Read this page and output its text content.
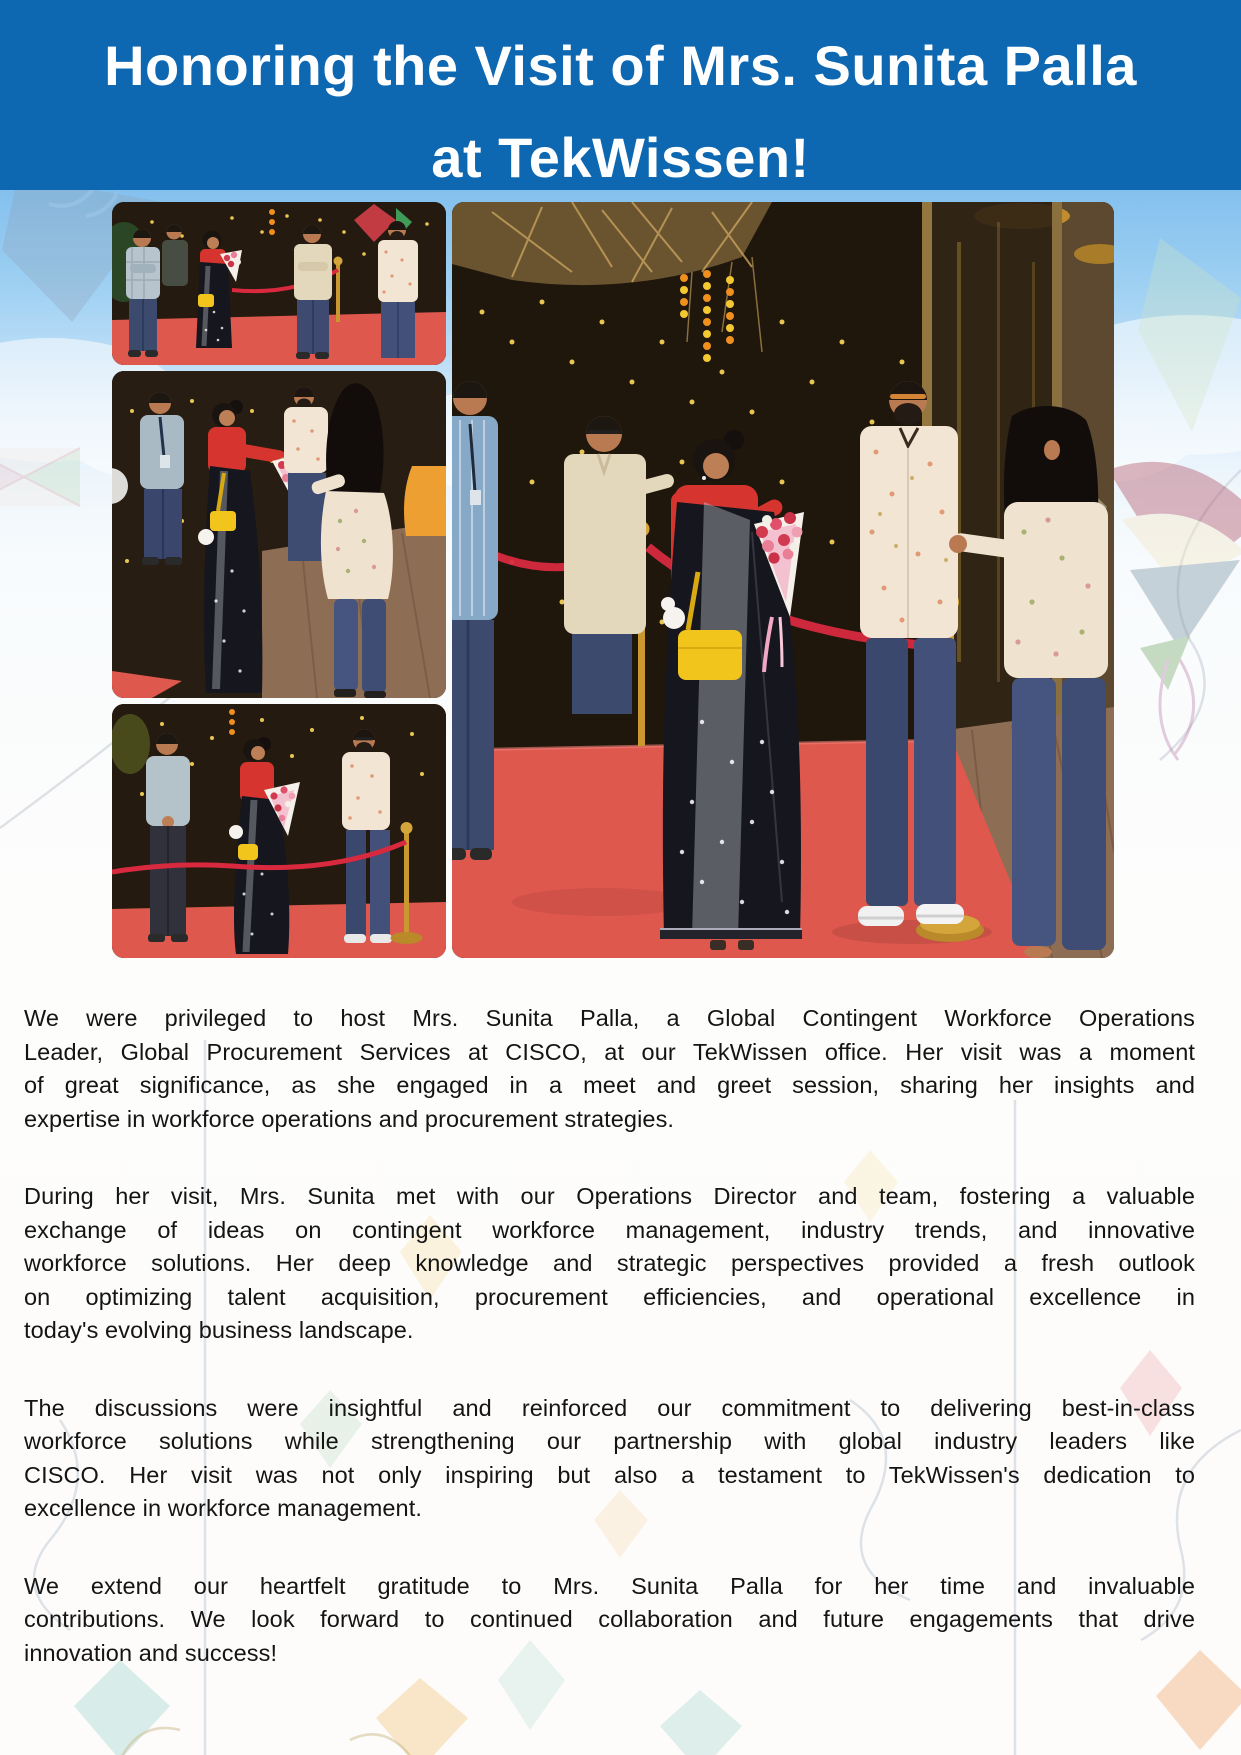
Honoring the Visit of Mrs. Sunita Palla
at TekWissen!

We were privileged to host Mrs. Sunita Palla, a Global Contingent Workforce Operations
Leader, Global Procurement Services at CISCO, at our TekWissen office. Her visit was a moment
of great significance, as she engaged in a meet and greet session, sharing her insights and
expertise in workforce operations and procurement strategies.

During her visit, Mrs. Sunita met with our Operations Director and team, fostering a valuable
exchange of ideas on contingent workforce management, industry trends, and innovative
workforce solutions. Her deep knowledge and strategic perspectives provided a fresh outlook
on optimizing talent acquisition, procurement efficiencies, and operational excellence in
today's evolving business landscape.

The discussions were insightful and reinforced our commitment to delivering best-in-class
workforce solutions while strengthening our partnership with global industry leaders like
CISCO. Her visit was not only inspiring but also a testament to TekWissen's dedication to
excellence in workforce management.

We extend our heartfelt gratitude to Mrs. Sunita Palla for her time and invaluable
contributions. We look forward to continued collaboration and future engagements that drive
innovation and success!
